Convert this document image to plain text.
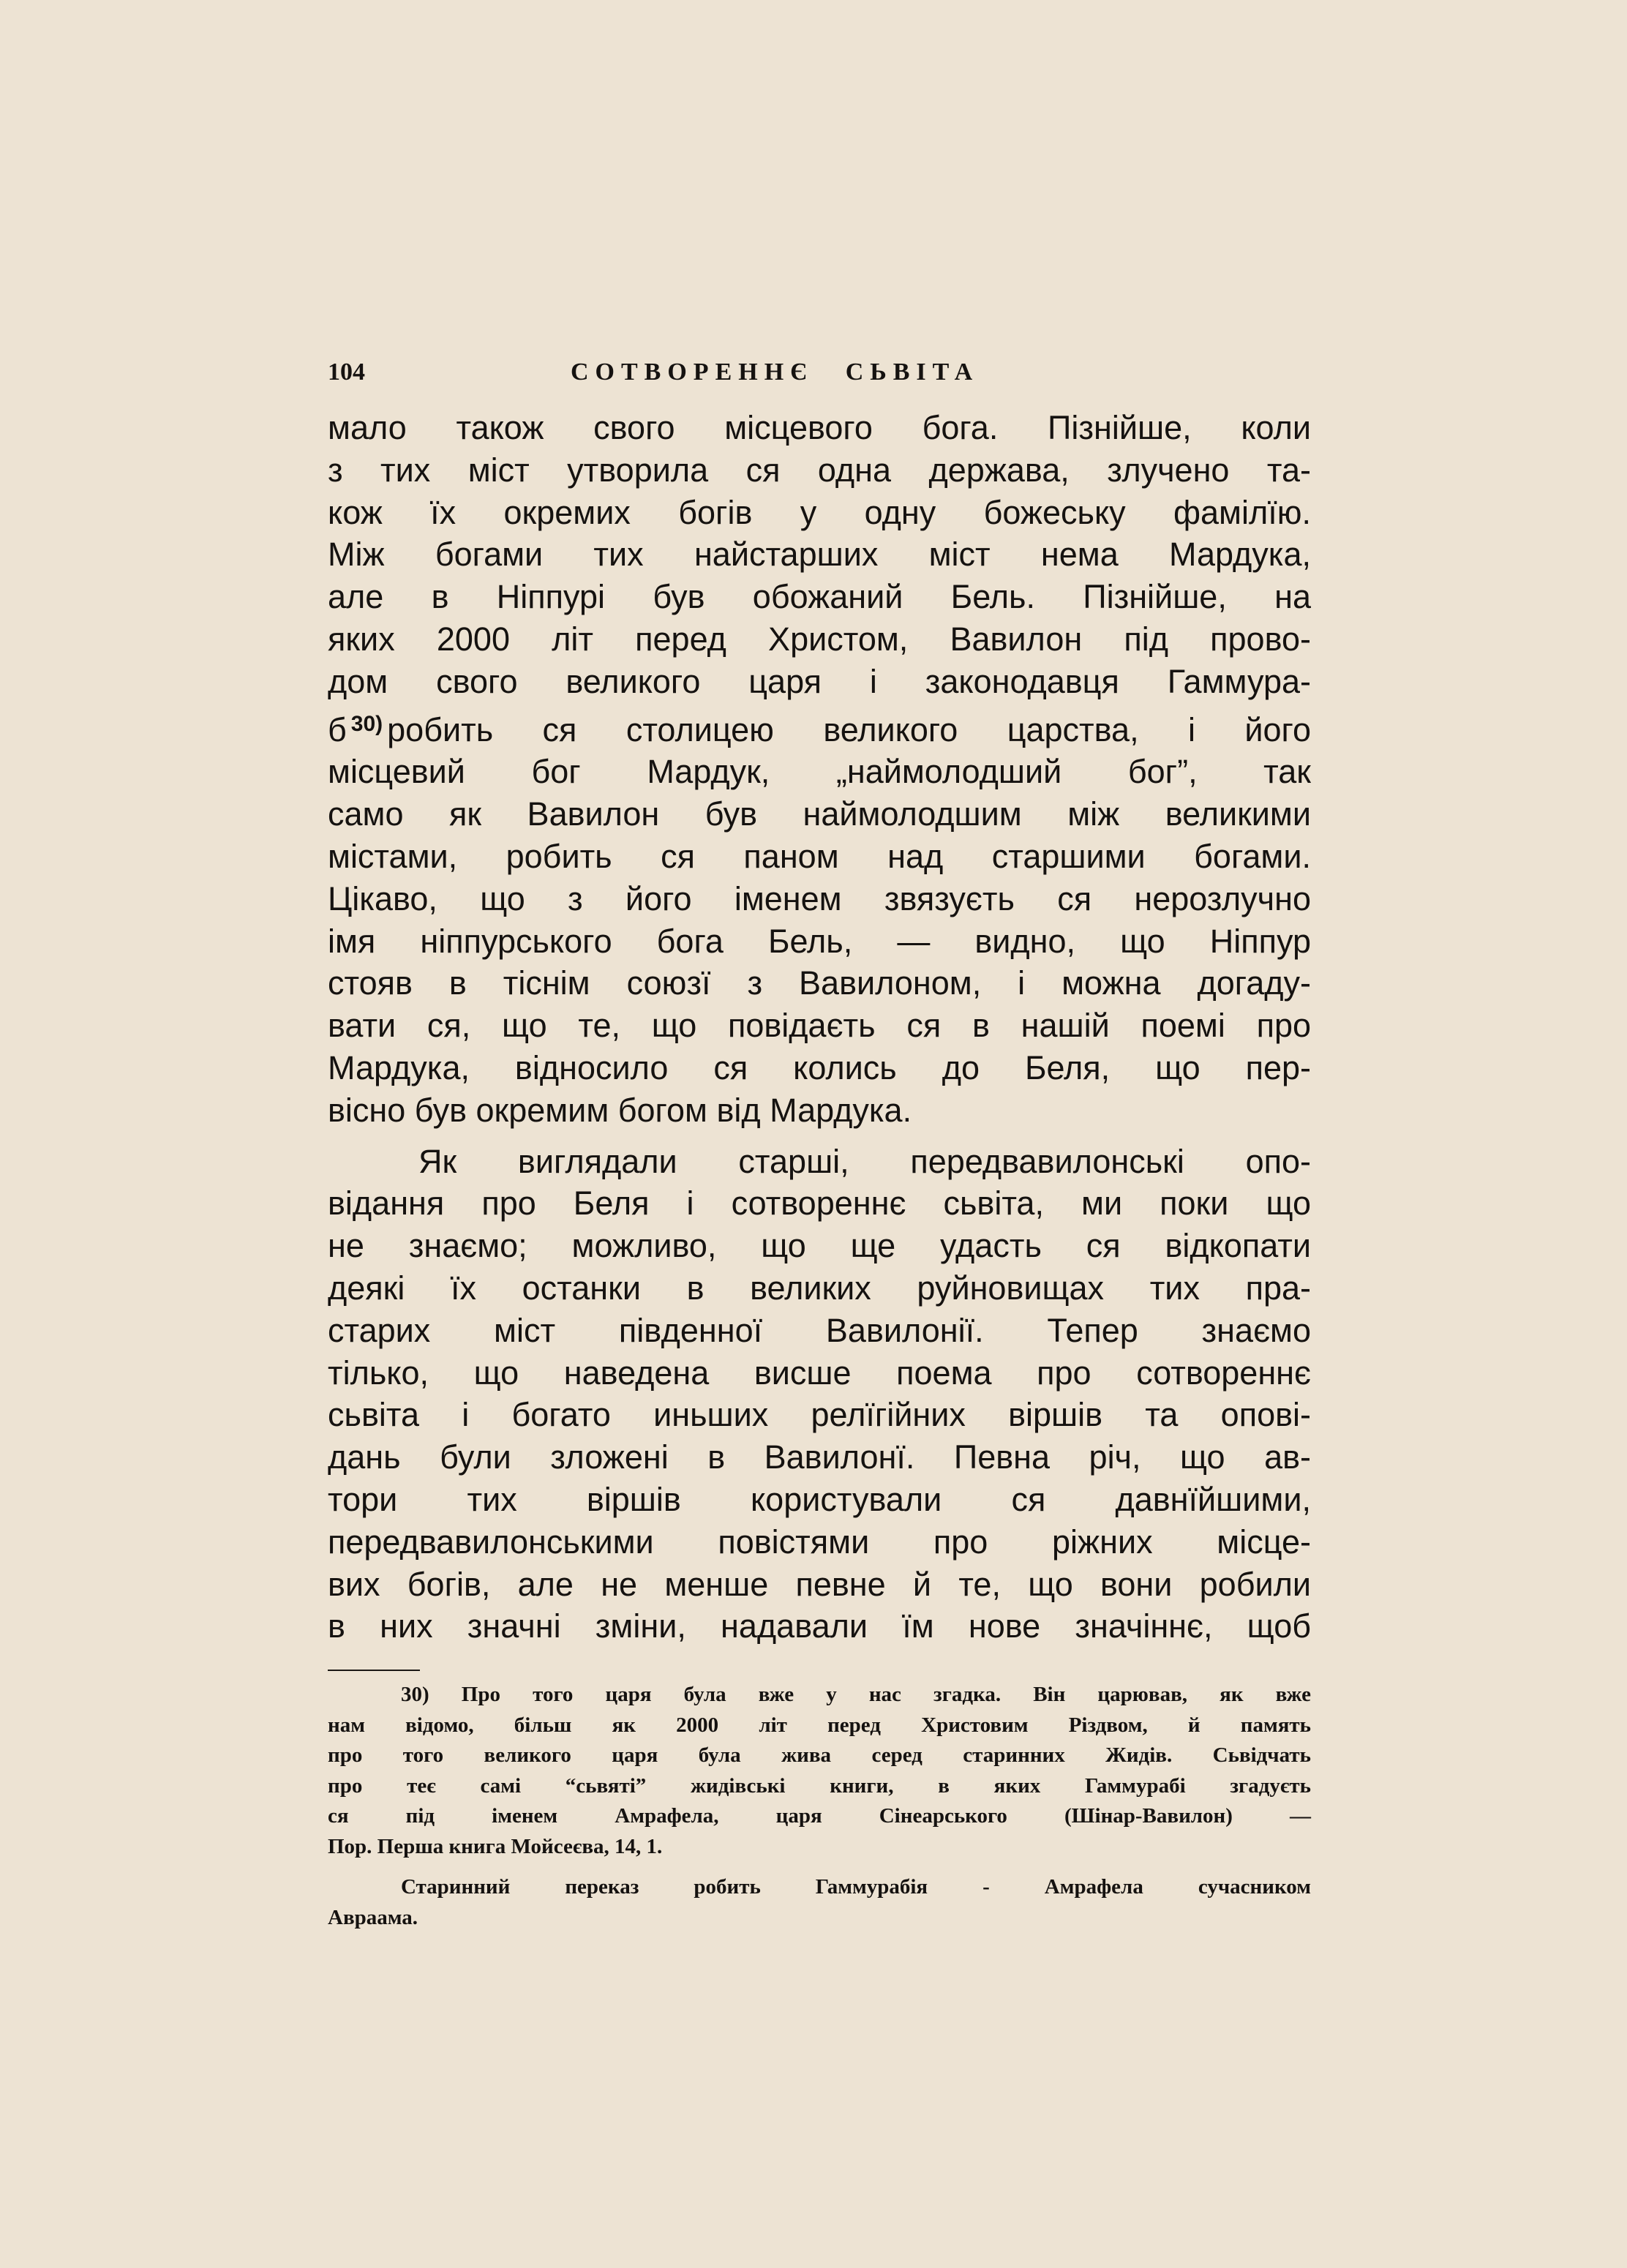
104	СОТВОРЕННЄ СЬВІТА
мало також свого місцевого бога. Пізнійше, коли
з тих міст утворила ся одна держава, злучено та-
кож їх окремих богів у одну божеську фамілїю.
Між богами тих найстарших міст нема Мардука,
але в Ніппурі був обожаний Бель. Пізнійше, на
яких 2000 літ перед Христом, Вавилон під прово-
дом свого великого царя і законодавця Гаммура-
б $^{30)}$ робить ся столицею великого царства, і його
місцевий бог Мардук, „наймолодший бог”, так
само як Вавилон був наймолодшим між великими
містами, робить ся паном над старшими богами.
Цікаво, що з його іменем звязуєть ся нерозлучно
імя ніппурського бога Бель, — видно, що Ніппур
стояв в тіснім союзї з Вавилоном, і можна догаду-
вати ся, що те, що повідаєть ся в нашій поемі про
Мардука, відносило ся колись до Беля, що пер-
вісно був окремим богом від Мардука.
Як виглядали старші, передвавилонські опо-
відання про Беля і сотвореннє сьвіта, ми поки що
не знаємо; можливо, що ще удасть ся відкопати
деякі їх останки в великих руйновищах тих пра-
старих міст південної Вавилонії. Тепер знаємо
тілько, що наведена висше поема про сотвореннє
сьвіта і богато иньших релїгійних віршів та опові-
дань були зложені в Вавилонї. Певна річ, що ав-
тори тих віршів користували ся давнїйшими,
передвавилонськими повістями про ріжних місце-
вих богів, але не менше певне й те, що вони робили
в них значні зміни, надавали їм нове значіннє, щоб
30) Про того царя була вже у нас згадка. Він царював, як вже
нам відомо, більш як 2000 літ перед Христовим Різдвом, й память
про того великого царя була жива серед старинних Жидів. Сьвідчать
про теє самі “сьвяті” жидівські книги, в яких Гаммурабі згадуєть
ся під іменем Амрафела, царя Сінеарського (Шінар-Вавилон) —
Пор. Перша книга Мойсеєва, 14, 1.
Старинний переказ робить Гаммурабія - Амрафела сучасником
Авраама.
